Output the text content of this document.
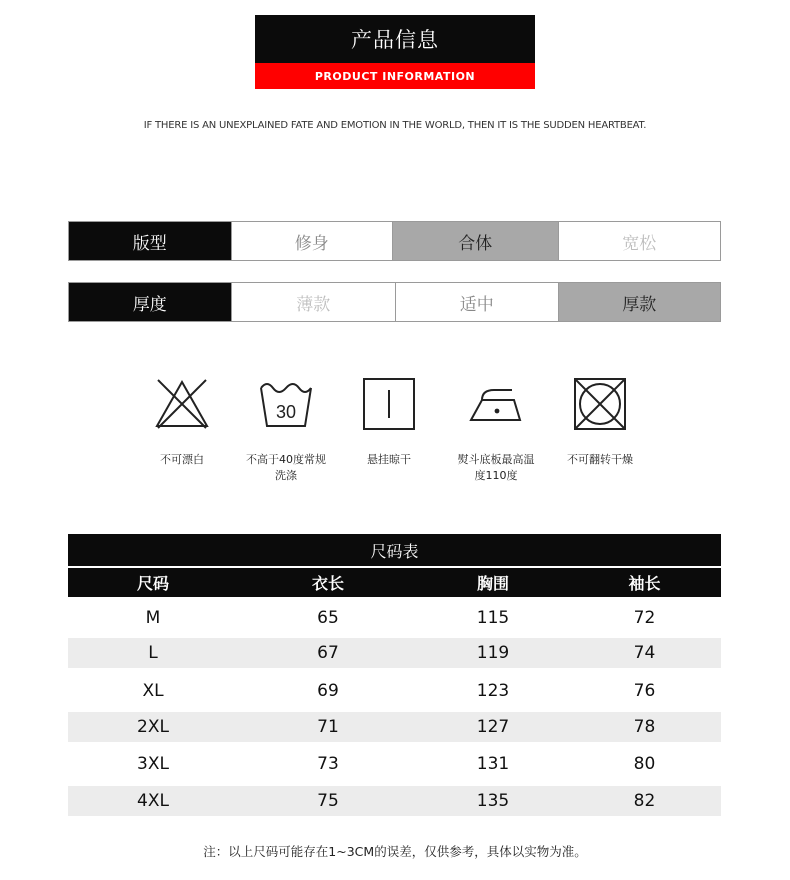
产品信息
PRODUCT INFORMATION
IF THERE IS AN UNEXPLAINED FATE AND EMOTION IN THE WORLD, THEN IT IS THE SUDDEN HEARTBEAT.
版型	修身	合体	宽松
厚度	薄款	适中	厚款
不可漂白
30
不高于40度常规洗涤
悬挂晾干	熨斗底板最高温度110度
不可翻转干燥
尺码表
尺码	衣长	胸围	袖长
M	65	115	72
L	67	119	74
XL	69	123	76
2XL	71	127	78
3XL	73	131	80
4XL	75	135	82
注：以上尺码可能存在1~3CM的误差，仅供参考，具体以实物为准。
